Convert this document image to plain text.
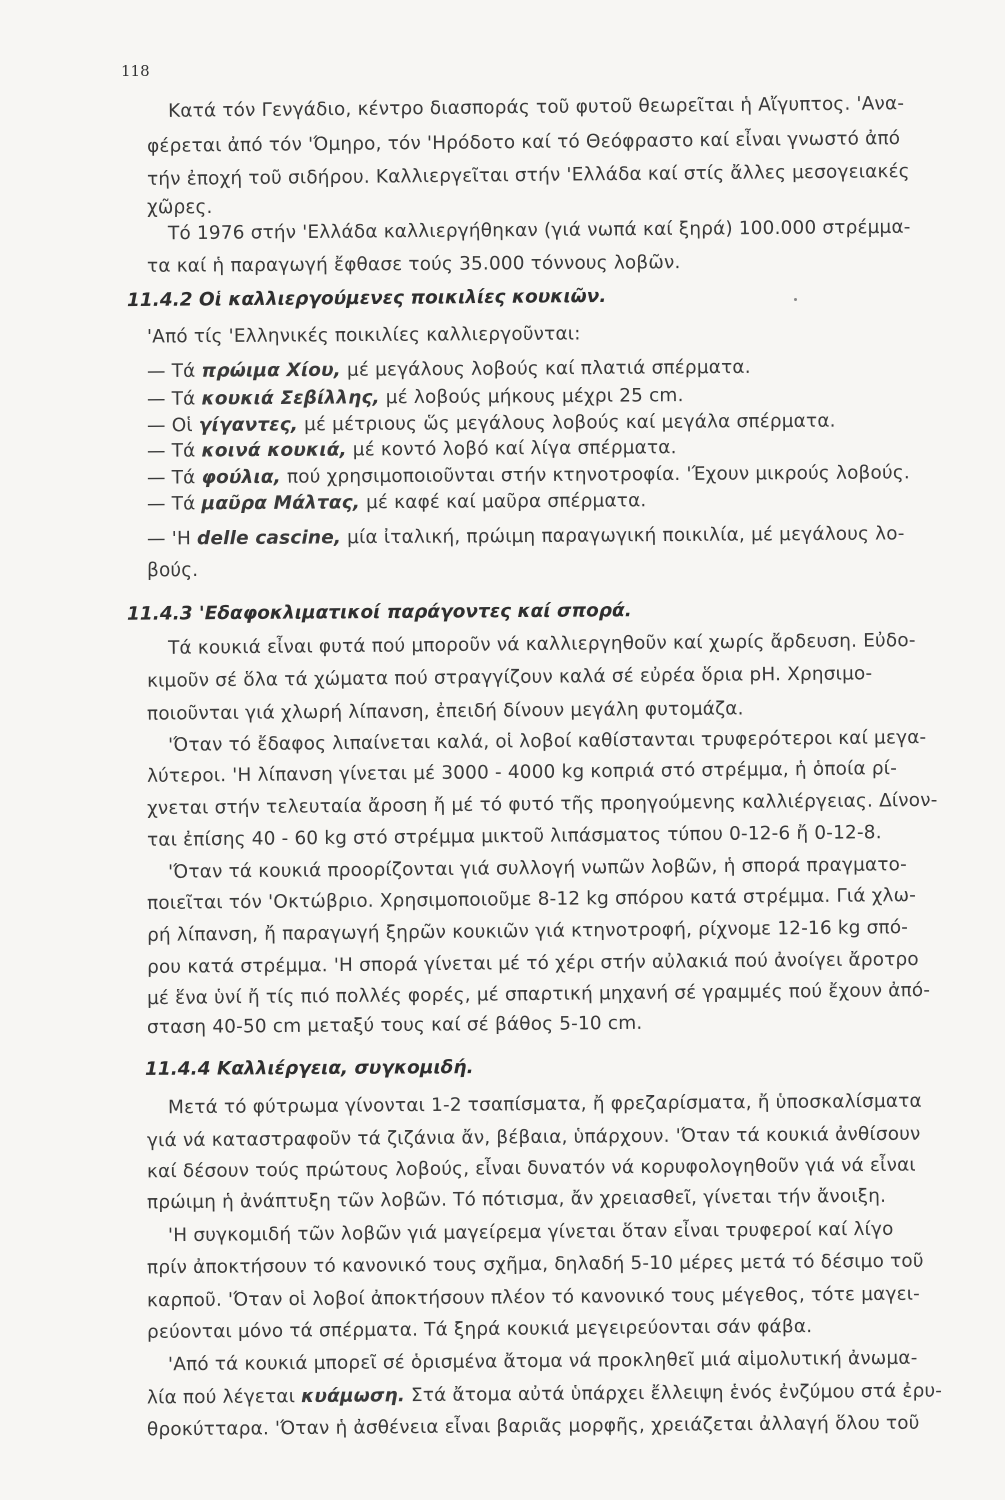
118
Κατά τόν Γενγάδιο, κέντρο διασποράς τοῦ φυτοῦ θεωρεῖται ἡ Αἴγυπτος. 'Ανα-
φέρεται ἀπό τόν 'Όμηρο, τόν 'Ηρόδοτο καί τό Θεόφραστο καί εἶναι γνωστό ἀπό
τήν ἐποχή τοῦ σιδήρου. Καλλιεργεῖται στήν 'Ελλάδα καί στίς ἄλλες μεσογειακές
χῶρες.
Τό 1976 στήν 'Ελλάδα καλλιεργήθηκαν (γιά νωπά καί ξηρά) 100.000 στρέμμα-
τα καί ἡ παραγωγή ἔφθασε τούς 35.000 τόννους λοβῶν.
11.4.2 Οἱ καλλιεργούμενες ποικιλίες κουκιῶν.
'Από τίς 'Ελληνικές ποικιλίες καλλιεργοῦνται:
— Τά πρώιμα Χίου, μέ μεγάλους λοβούς καί πλατιά σπέρματα.
— Τά κουκιά Σεβίλλης, μέ λοβούς μήκους μέχρι 25 cm.
— Οἱ γίγαντες, μέ μέτριους ὥς μεγάλους λοβούς καί μεγάλα σπέρματα.
— Τά κοινά κουκιά, μέ κοντό λοβό καί λίγα σπέρματα.
— Τά φούλια, πού χρησιμοποιοῦνται στήν κτηνοτροφία. 'Έχουν μικρούς λοβούς.
— Τά μαῦρα Μάλτας, μέ καφέ καί μαῦρα σπέρματα.
— 'Η delle cascine, μία ἰταλική, πρώιμη παραγωγική ποικιλία, μέ μεγάλους λο-
βούς.
11.4.3 'Εδαφοκλιματικοί παράγοντες καί σπορά.
Τά κουκιά εἶναι φυτά πού μποροῦν νά καλλιεργηθοῦν καί χωρίς ἄρδευση. Εὐδο-
κιμοῦν σέ ὅλα τά χώματα πού στραγγίζουν καλά σέ εὐρέα ὅρια pH. Χρησιμο-
ποιοῦνται γιά χλωρή λίπανση, ἐπειδή δίνουν μεγάλη φυτομάζα.
'Όταν τό ἔδαφος λιπαίνεται καλά, οἱ λοβοί καθίστανται τρυφερότεροι καί μεγα-
λύτεροι. 'Η λίπανση γίνεται μέ 3000 - 4000 kg κοπριά στό στρέμμα, ἡ ὁποία ρί-
χνεται στήν τελευταία ἄροση ἤ μέ τό φυτό τῆς προηγούμενης καλλιέργειας. Δίνον-
ται ἐπίσης 40 - 60 kg στό στρέμμα μικτοῦ λιπάσματος τύπου 0-12-6 ἤ 0-12-8.
'Όταν τά κουκιά προορίζονται γιά συλλογή νωπῶν λοβῶν, ἡ σπορά πραγματο-
ποιεῖται τόν 'Οκτώβριο. Χρησιμοποιοῦμε 8-12 kg σπόρου κατά στρέμμα. Γιά χλω-
ρή λίπανση, ἤ παραγωγή ξηρῶν κουκιῶν γιά κτηνοτροφή, ρίχνομε 12-16 kg σπό-
ρου κατά στρέμμα. 'Η σπορά γίνεται μέ τό χέρι στήν αὐλακιά πού ἀνοίγει ἄροτρο
μέ ἕνα ὑνί ἤ τίς πιό πολλές φορές, μέ σπαρτική μηχανή σέ γραμμές πού ἔχουν ἀπό-
σταση 40-50 cm μεταξύ τους καί σέ βάθος 5-10 cm.
11.4.4 Καλλιέργεια, συγκομιδή.
Μετά τό φύτρωμα γίνονται 1-2 τσαπίσματα, ἤ φρεζαρίσματα, ἤ ὑποσκαλίσματα
γιά νά καταστραφοῦν τά ζιζάνια ἄν, βέβαια, ὑπάρχουν. 'Όταν τά κουκιά ἀνθίσουν
καί δέσουν τούς πρώτους λοβούς, εἶναι δυνατόν νά κορυφολογηθοῦν γιά νά εἶναι
πρώιμη ἡ ἀνάπτυξη τῶν λοβῶν. Τό πότισμα, ἄν χρειασθεῖ, γίνεται τήν ἄνοιξη.
'Η συγκομιδή τῶν λοβῶν γιά μαγείρεμα γίνεται ὅταν εἶναι τρυφεροί καί λίγο
πρίν ἀποκτήσουν τό κανονικό τους σχῆμα, δηλαδή 5-10 μέρες μετά τό δέσιμο τοῦ
καρποῦ. 'Όταν οἱ λοβοί ἀποκτήσουν πλέον τό κανονικό τους μέγεθος, τότε μαγει-
ρεύονται μόνο τά σπέρματα. Τά ξηρά κουκιά μεγειρεύονται σάν φάβα.
'Από τά κουκιά μπορεῖ σέ ὁρισμένα ἄτομα νά προκληθεῖ μιά αἱμολυτική ἀνωμα-
λία πού λέγεται κυάμωση. Στά ἄτομα αὐτά ὑπάρχει ἔλλειψη ἑνός ἐνζύμου στά ἐρυ-
θροκύτταρα. 'Όταν ἡ ἀσθένεια εἶναι βαριᾶς μορφῆς, χρειάζεται ἀλλαγή ὅλου τοῦ
